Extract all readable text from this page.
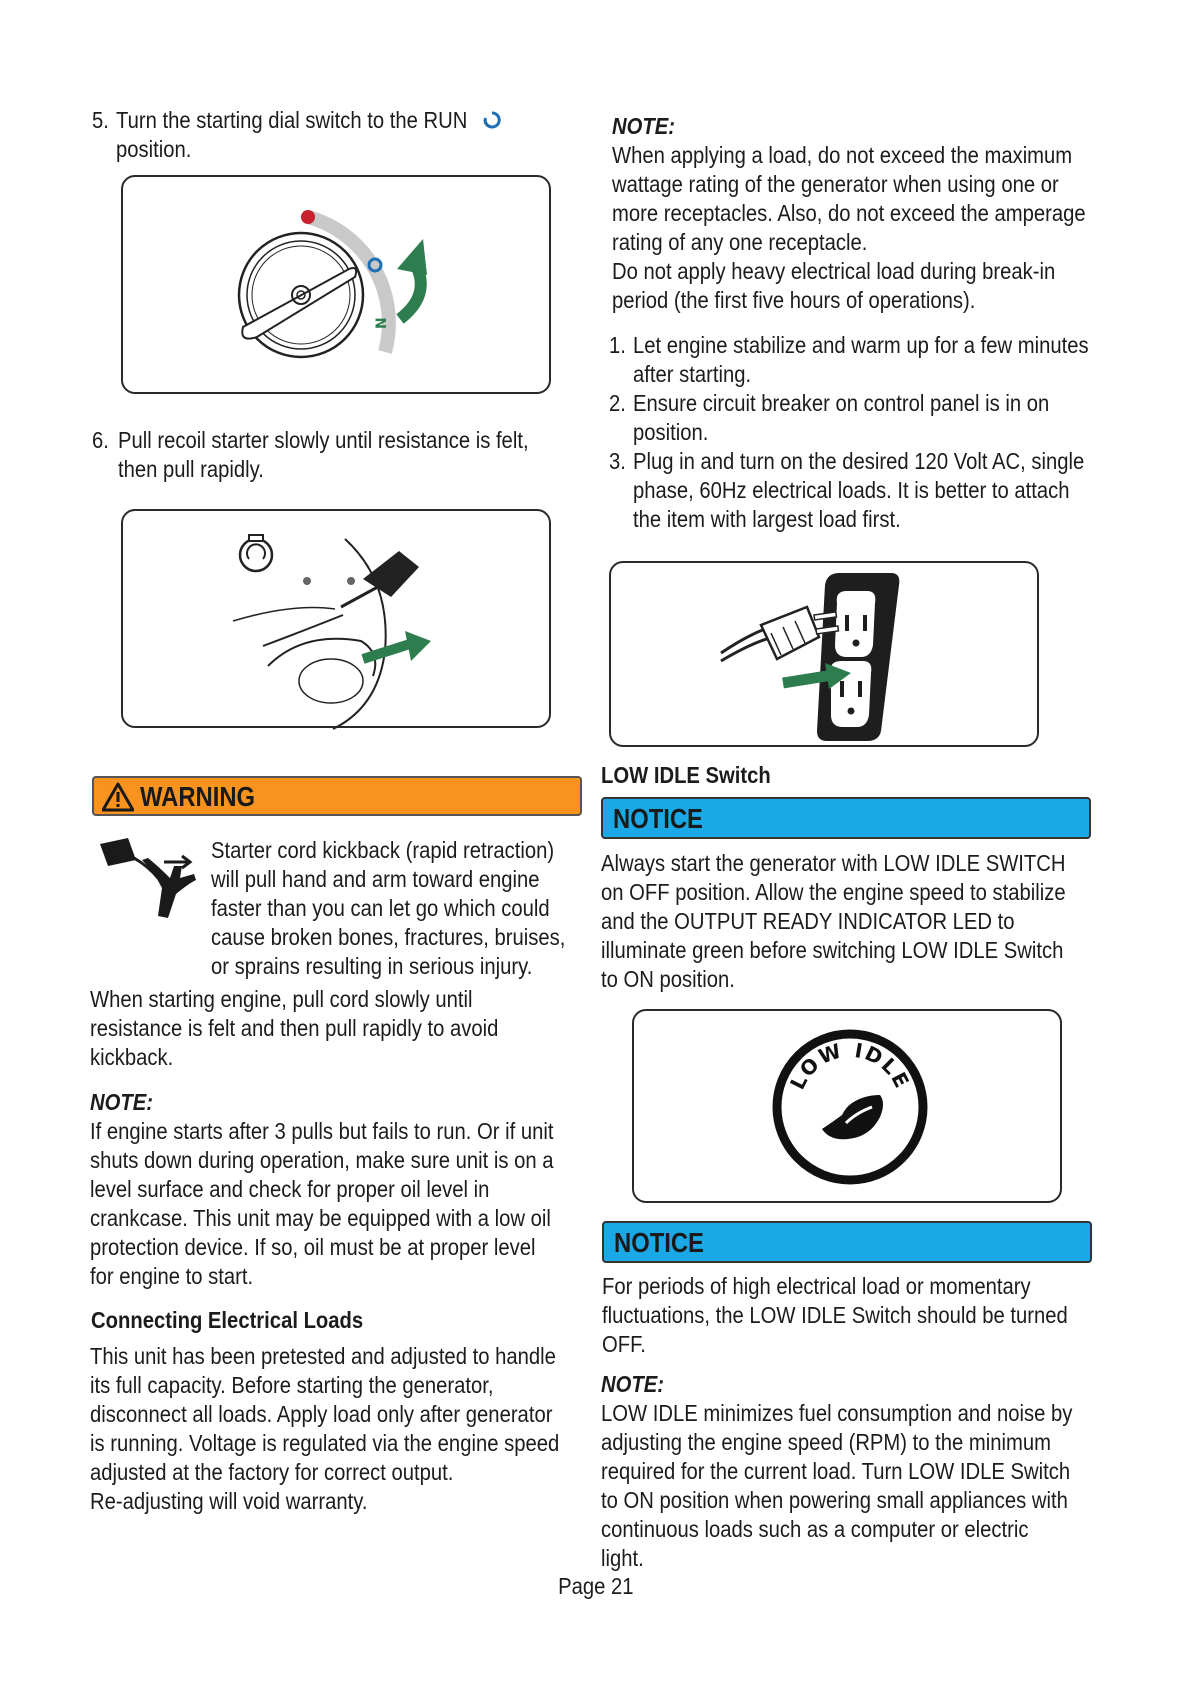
5. Turn the starting dial switch to the RUN
position.
N
6. Pull recoil starter slowly until resistance is felt,
then pull rapidly.
WARNING
Starter cord kickback (rapid retraction)
will pull hand and arm toward engine
faster than you can let go which could
cause broken bones, fractures, bruises,
or sprains resulting in serious injury.
When starting engine, pull cord slowly until
resistance is felt and then pull rapidly to avoid
kickback.
NOTE:
If engine starts after 3 pulls but fails to run. Or if unit
shuts down during operation, make sure unit is on a
level surface and check for proper oil level in
crankcase. This unit may be equipped with a low oil
protection device. If so, oil must be at proper level
for engine to start.
Connecting Electrical Loads
This unit has been pretested and adjusted to handle
its full capacity. Before starting the generator,
disconnect all loads. Apply load only after generator
is running. Voltage is regulated via the engine speed
adjusted at the factory for correct output.
Re-adjusting will void warranty.
NOTE:
When applying a load, do not exceed the maximum
wattage rating of the generator when using one or
more receptacles. Also, do not exceed the amperage
rating of any one receptacle.
Do not apply heavy electrical load during break-in
period (the first five hours of operations).
1. Let engine stabilize and warm up for a few minutes
after starting.
2. Ensure circuit breaker on control panel is in on
position.
3. Plug in and turn on the desired 120 Volt AC, single
phase, 60Hz electrical loads. It is better to attach
the item with largest load first.
LOW IDLE Switch
NOTICE
Always start the generator with LOW IDLE SWITCH
on OFF position. Allow the engine speed to stabilize
and the OUTPUT READY INDICATOR LED to
illuminate green before switching LOW IDLE Switch
to ON position.
LOW IDLE
NOTICE
For periods of high electrical load or momentary
fluctuations, the LOW IDLE Switch should be turned
OFF.
NOTE:
LOW IDLE minimizes fuel consumption and noise by
adjusting the engine speed (RPM) to the minimum
required for the current load. Turn LOW IDLE Switch
to ON position when powering small appliances with
continuous loads such as a computer or electric
light.
Page 21
